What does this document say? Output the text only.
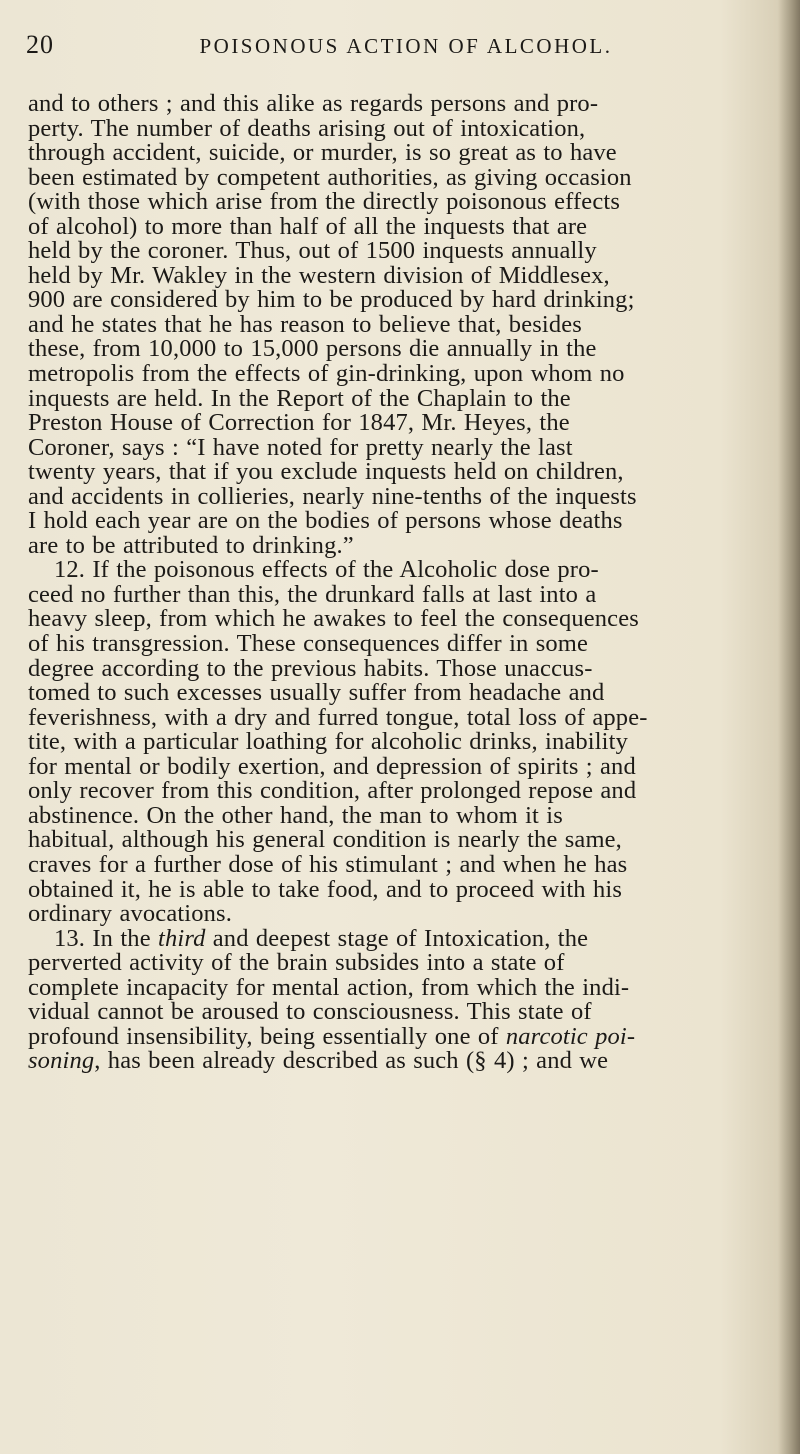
20	POISONOUS ACTION OF ALCOHOL.
and to others ; and this alike as regards persons and pro-
perty. The number of deaths arising out of intoxication,
through accident, suicide, or murder, is so great as to have
been estimated by competent authorities, as giving occasion
(with those which arise from the directly poisonous effects
of alcohol) to more than half of all the inquests that are
held by the coroner. Thus, out of 1500 inquests annually
held by Mr. Wakley in the western division of Middlesex,
900 are considered by him to be produced by hard drinking;
and he states that he has reason to believe that, besides
these, from 10,000 to 15,000 persons die annually in the
metropolis from the effects of gin-drinking, upon whom no
inquests are held. In the Report of the Chaplain to the
Preston House of Correction for 1847, Mr. Heyes, the
Coroner, says : “I have noted for pretty nearly the last
twenty years, that if you exclude inquests held on children,
and accidents in collieries, nearly nine-tenths of the inquests
I hold each year are on the bodies of persons whose deaths
are to be attributed to drinking.”
12. If the poisonous effects of the Alcoholic dose pro-
ceed no further than this, the drunkard falls at last into a
heavy sleep, from which he awakes to feel the consequences
of his transgression. These consequences differ in some
degree according to the previous habits. Those unaccus-
tomed to such excesses usually suffer from headache and
feverishness, with a dry and furred tongue, total loss of appe-
tite, with a particular loathing for alcoholic drinks, inability
for mental or bodily exertion, and depression of spirits ; and
only recover from this condition, after prolonged repose and
abstinence. On the other hand, the man to whom it is
habitual, although his general condition is nearly the same,
craves for a further dose of his stimulant ; and when he has
obtained it, he is able to take food, and to proceed with his
ordinary avocations.
13. In the third and deepest stage of Intoxication, the
perverted activity of the brain subsides into a state of
complete incapacity for mental action, from which the indi-
vidual cannot be aroused to consciousness. This state of
profound insensibility, being essentially one of narcotic poi-
soning, has been already described as such (§ 4) ; and we
